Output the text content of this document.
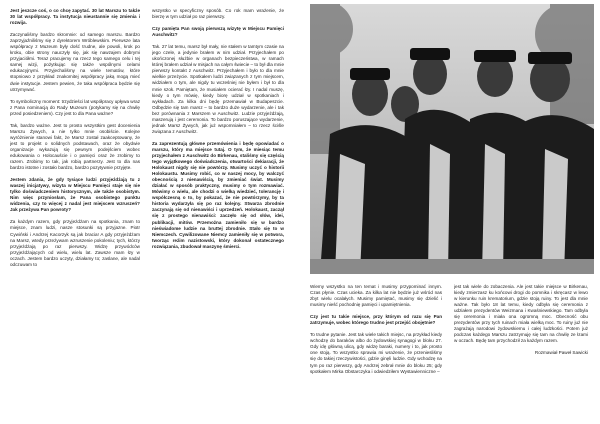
Jest jeszcze coś, o co chcę zapytać. 30 lat Marszu to także 30 lat współpracy. Ta instytucja nieustannie się zmienia i rozwija.

Zaczynaliśmy bardzo skromnie: od samego marszu. Bardzo zaprzyjaźniliśmy się z dyrektorem Wróblewskim. Pierwsze lata współpracy z Muzeum były dość trudne, ale powoli, krok po kroku, obie strony nauczyły się, jak się nawzajem dobrymi przyjaciółmi. Teraz pracujemy na rzecz tego samego celu i tej samej wizji, pożytkując się także wspólnymi celami edukacyjnymi. Przyjechaliśmy na wiele tematów, które stopniowo z przykład znakomitej współpracy jaką mogą mieć dwie instytucje. Jestem pewien, że taka współpraca będzie się utrzymywać.

To symboliczny moment: trzydzieści lat współpracy upływa wraz z Pana nominacją do Rady Muzeum (potykamy się na chwilę przed posiedzeniem). Czy jest to dla Pana ważne?

Tak, bardzo ważne. Jest to prosto wszystkim gest docenienia Marszu Żywych, a nie tylko mnie osobiście. Kolejne wyróżnienie stanowi fakt, że Marsz został zaakceptowany, że jest to projekt o solidnych podstawach, oraz że obydwie organizacje wykazują się pewnym podejściem wobec edukowania o Holocauście i o pamięci oraz że zrobimy to razem. Zrobimy to tak, jak robią partnerzy. Jest to dla nas bardzo istotne i zostało bardzo, bardzo pozytywnie przyjęte.

Jestem zdania, że gdy tysiące ludzi przyjeżdżają tu z waszej inicjatywy, wizyta w Miejscu Pamięci staje się nie tylko doświadczeniem historycznym, ale także osobistym. Nim więc przyniosłam, że Pana osobistego punktu widzenia, czy to więcej z nadal jest miejscem wzruszeń? Jak przeżywa Pan powroty?

Za każdym razem, gdy przyjeżdżam na spotkania, znam to miejsce, znam ludzi, nasze stosunki są przyjazne. Piotr Cywiński i Andrzej Kacorzyk są jak bracia! A gdy przyjeżdżam na Marsz, wtedy przeżywam wzruszenie pokoleniu; tych, którzy przyjeżdżają po raz pierwszy. Widzę przywódców przyjeżdżających od wielu, wielu lat. Zawsze mam łzy w oczach. Jestem bardzo uczyty, działamy to; zaslane, ale nadal odczuwam to

wszystko w specyficzny sposób. Co rok mam wrażenie, że bierzę w tym udział po raz pierwszy.

Czy pamięta Pan swoją pierwszą wizytę w Miejscu Pamięci Auschwitz?

Tak. 27 lat temu, marsz był mały, nie stałem w tamtym czasie na jego czele, a jedynie brałem w nim udział. Przyjechałem po ukończonej służbie w organach bezpieczeństwa, w ramach której brałem udział w misjach na całym świecie – to był dla mnie pierwszy kontakt z Auschwitz. Przyjechałem i było to dla mnie wielkie przeżycie. Spotkałem ludzi związanych z tym miejscem, widziałem o tym, ale nigdy tu wcześniej nie byłem i był to dla mnie szok. Pamiętam, że musiałem ocierać łzy. I nadal muszę, kiedy o tym mówię, kiedy biorę udział w spotkaniach i wykładach. Za kilka dni będę przemawiał w Budapeszcie. Odbędzie się tam marsz – to bardzo duże wydarzenie, ale i tak bez porównania z Marszem w Auschwitz. Ludzie przyjeżdżają, maszerują i jest ceremonia. To bardzo poruszające wydarzenie, jednak Marsz Żywych, jak już wspomniałem – to rzecz ściśle związana z Auschwitz.

Za zaprezentują główne przemówienia i będę opowiadać o marszu, który ma miejsce tutaj. O tym, że miesiąc temu przyjechałem z Auschwitz do Birkenau, staliśmy się częścią tego wyjątkowego doświadczenia, otwartości dekiaracji, że Holokaust nigdy się nie powtórzy. Musimy uczyć o historii Holokaustu. Musimy robić, co w naszej mocy, by walczyć obecnością z nienawiścią, by zmieniać świat. Musimy działać w sposób praktyczny, musimy o tym rozmawiać. Mówimy o wielu, ale chodzi o wielką wiedzieć, tolerancję i współczesną o to, by pokazać, że nie powtórzymy, by ta historia wydarzyła się po raz kolejny. Stwarza zbrodnie zaczynają się od nienawiści i uprzedzeń. Holokaust, zaczął się z prostego nienawiści: zaczęło się od słów, idei, publikacji, mitów. Przemożna zamieniło się w bardzo nieświadome ludzie na bruttej zbrodnie. Stało się to w Niemczech. Cywilizowane Niemcy zamieniły się w potwora, tworząc reżim nazistowski, który dokonał ostatecznego rozwiązania, zbudował maszynę śmierci.

Wiemy wszystko na ten temat i musimy przypominać innym. Czas płynie. Czas ucieka. Za kilka lat nie będzie już wśród nas zbyt wielu ocalałych. Musimy pamiętać, musimy się dzielić i musimy nieść pochodnię pamięci i upamiętnienia.

Czy jest tu takie miejsce, przy którym od razu się Pan zatrzymuje, wobec którego trudno jest przejść obojętnie?

To trudne pytanie. Jest tak wiele takich miejsc, na przykład kiedy wchodzę do baraków albo do żydowskiej synagogi w bloku 27. Gdy idę główną ulicą, gdy widzę baraki, numery i to, jak prosto one stoją. To wszystko sprawia mi wrażenie, że przeniesliśmy się do takiej rzeczywistości, gdzie ginęli ludzie. Gdy wchodzę na tym po raz pierwszy, gdy Andrzej zebrał mnie do bloku 25; gdy spotkałem Mirka Obstarczyka i odwiedziłem Wystawienniczne –

jest tak wiele do zobaczenia. Ale jest takie miejsce w Birkenau, kiedy zmierzasz ku końcowi drogi do pomnika i skręcasz w lewo w kierunku ruin krematorium, gdzie stoją ruiny. To jest dla mnie ważne. Tak było 18 lat temu, kiedy odbyła się ceremonia z udziałem prezydentów Weizmana i Kwaśniewskiego. Tam odbyła się ceremonia i miała ona ogromną moc. Obecność obu prezydentów przy tych ruinach miała wielką moc. To ruiny już nie zagrażają narodowi żydowskiemu i całej ludzkości. Potem już podczas każdego Marszu zatrzymuję się tam na chwilę ze łzami w oczach. Będę tam przychodził za każdym razem.

Rozmawiał Paweł Sawicki
